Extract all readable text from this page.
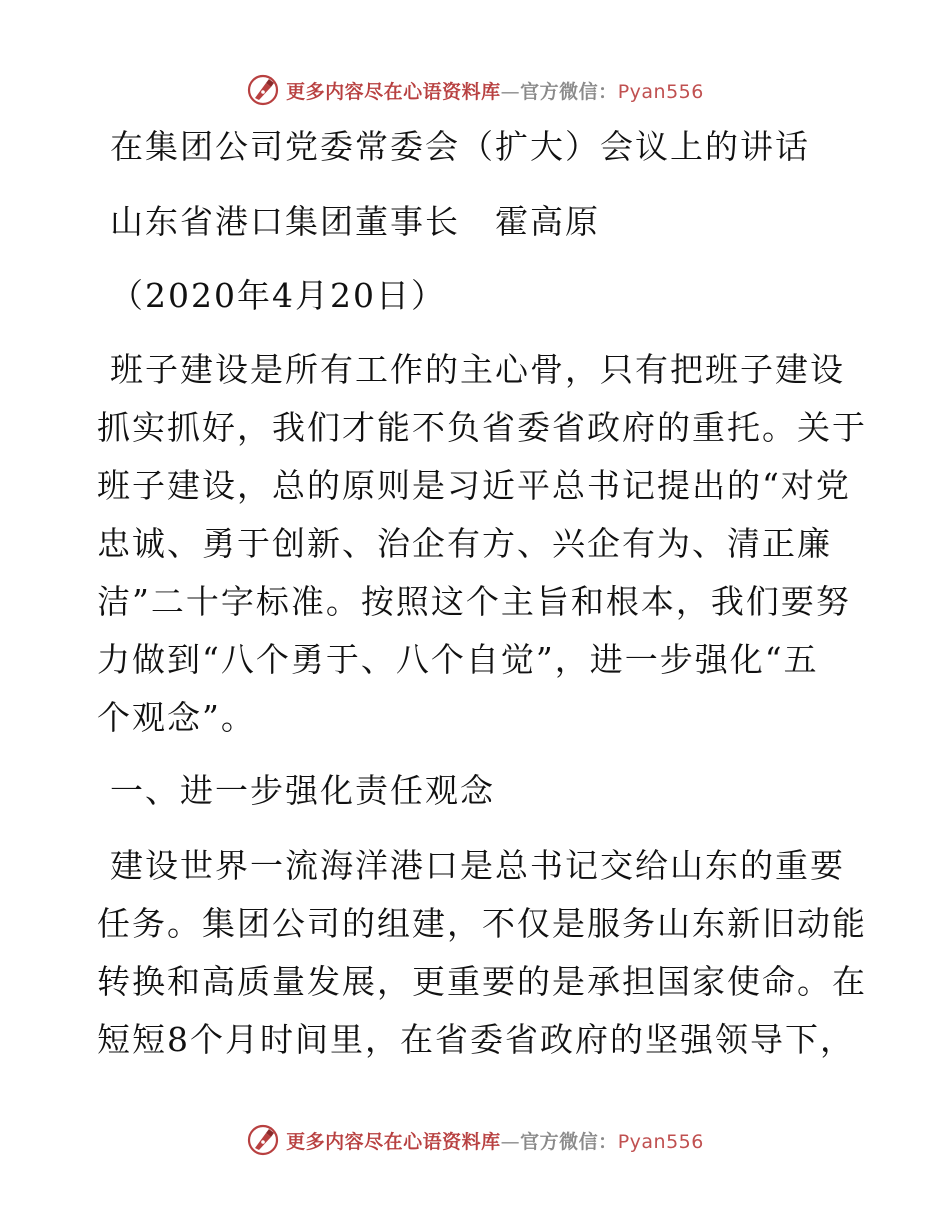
更多内容尽在心语资料库—官方微信：Pyan556
在集团公司党委常委会（扩大）会议上的讲话
山东省港口集团董事长　霍高原
（2020年4月20日）
班子建设是所有工作的主心骨，只有把班子建设
抓实抓好，我们才能不负省委省政府的重托。关于
班子建设，总的原则是习近平总书记提出的“对党
忠诚、勇于创新、治企有方、兴企有为、清正廉
洁”二十字标准。按照这个主旨和根本，我们要努
力做到“八个勇于、八个自觉”，进一步强化“五
个观念”。
一、进一步强化责任观念
建设世界一流海洋港口是总书记交给山东的重要
任务。集团公司的组建，不仅是服务山东新旧动能
转换和高质量发展，更重要的是承担国家使命。在
短短8个月时间里，在省委省政府的坚强领导下，
更多内容尽在心语资料库—官方微信：Pyan556
